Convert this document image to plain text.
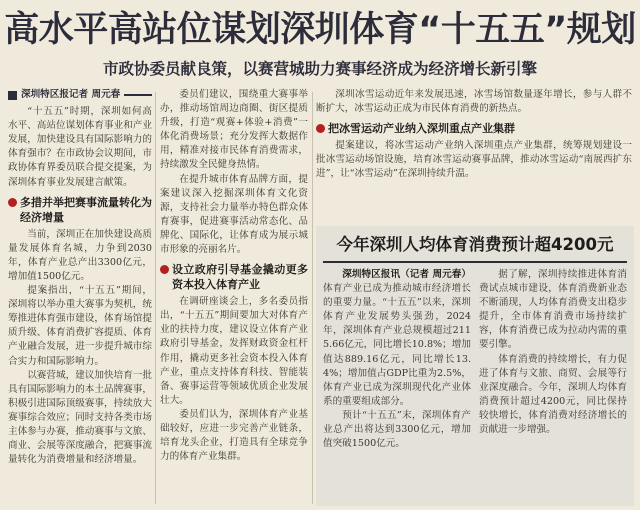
高水平高站位谋划深圳体育“十五五”规划
市政协委员献良策，以赛营城助力赛事经济成为经济增长新引擎
深圳特区报记者 周元春

“十五五”时期，深圳如何高水平、高站位谋划体育事业和产业发展，加快建设具有国际影响力的体育强市？在市政协会议期间，市政协体育界委员联合提交提案，为深圳体育事业发展建言献策。

多措并举把赛事流量转化为经济增量

当前，深圳正在加快建设高质量发展体育名城，力争到2030年，体育产业总产出3300亿元，增加值1500亿元。

提案指出，“十五五”期间，深圳将以举办重大赛事为契机，统筹推进体育强市建设，体育场馆提质升级、体育消费扩容提质、体育产业融合发展，进一步提升城市综合实力和国际影响力。

以赛营城，建议加快培育一批具有国际影响力的本土品牌赛事，积极引进国际顶级赛事，持续放大赛事综合效应；同时支持各类市场主体参与办赛，推动赛事与文旅、商业、会展等深度融合，把赛事流量转化为消费增量和经济增量。

委员们建议，围绕重大赛事举办，推动场馆周边商圈、街区提质升级，打造“观赛+体验+消费”一体化消费场景；充分发挥大数据作用，精准对接市民体育消费需求，持续激发全民健身热情。

在提升城市体育品牌方面，提案建议深入挖掘深圳体育文化资源，支持社会力量举办特色群众体育赛事，促进赛事活动常态化、品牌化、国际化，让体育成为展示城市形象的亮丽名片。

设立政府引导基金撬动更多资本投入体育产业

在调研座谈会上，多名委员指出，“十五五”期间要加大对体育产业的扶持力度，建议设立体育产业政府引导基金，发挥财政资金杠杆作用，撬动更多社会资本投入体育产业，重点支持体育科技、智能装备、赛事运营等领域优质企业发展壮大。

委员们认为，深圳体育产业基础较好，应进一步完善产业链条，培育龙头企业，打造具有全球竞争力的体育产业集群。

深圳冰雪运动近年来发展迅速，冰雪场馆数量逐年增长，参与人群不断扩大，冰雪运动正成为市民体育消费的新热点。

把冰雪运动产业纳入深圳重点产业集群

提案建议，将冰雪运动产业纳入深圳重点产业集群，统筹规划建设一批冰雪运动场馆设施，培育冰雪运动赛事品牌，推动冰雪运动“南展西扩东进”，让“冰雪运动”在深圳持续升温。

今年深圳人均体育消费预计超4200元

深圳特区报讯（记者 周元春）体育产业已成为推动城市经济增长的重要力量。“十五五”以来，深圳体育产业发展势头强劲，2024年，深圳体育产业总规模超过2115.66亿元，同比增长10.8%；增加值达889.16亿元，同比增长13.4%；增加值占GDP比重为2.5%，体育产业已成为深圳现代化产业体系的重要组成部分。

预计“十五五”末，深圳体育产业总产出将达到3300亿元，增加值突破1500亿元。

据了解，深圳持续推进体育消费试点城市建设，体育消费新业态不断涌现，人均体育消费支出稳步提升，全市体育消费市场持续扩容，体育消费已成为拉动内需的重要引擎。

体育消费的持续增长，有力促进了体育与文旅、商贸、会展等行业深度融合。今年，深圳人均体育消费预计超过4200元，同比保持较快增长，体育消费对经济增长的贡献进一步增强。
